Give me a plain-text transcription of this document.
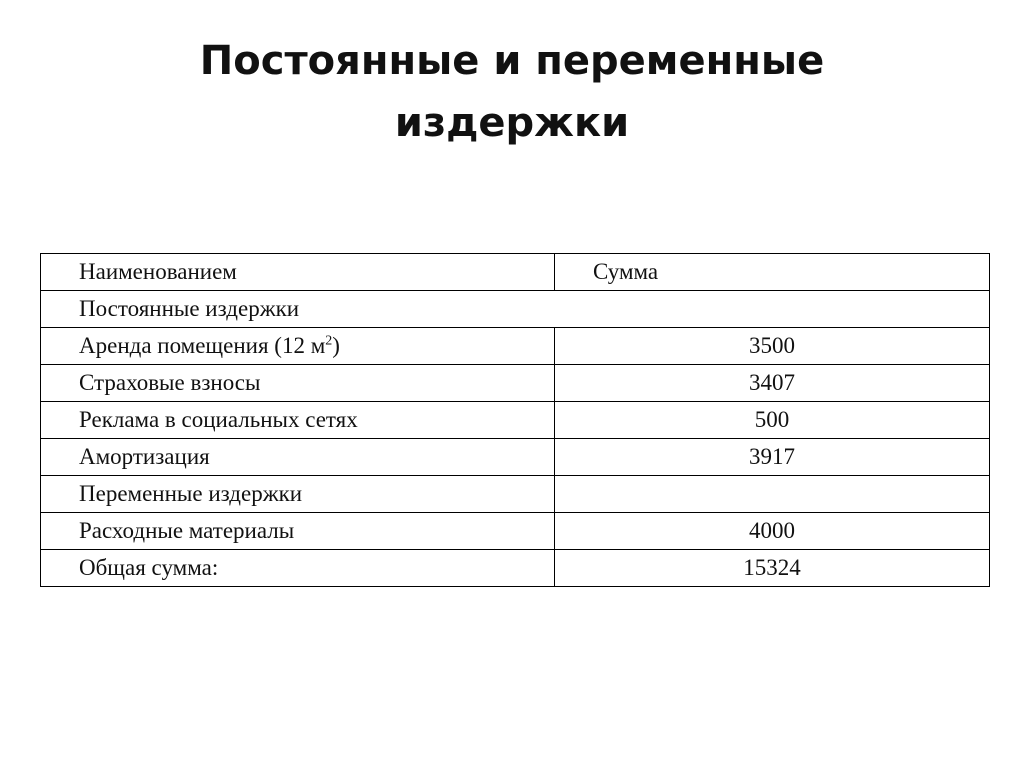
Постоянные и переменные
издержки
Наименованием	Сумма
Постоянные издержки	
Аренда помещения (12 $м^2$)	3500
Страховые взносы	3407
Реклама в социальных сетях	500
Амортизация	3917
Переменные издержки	
Расходные материалы	4000
Общая сумма:	15324
